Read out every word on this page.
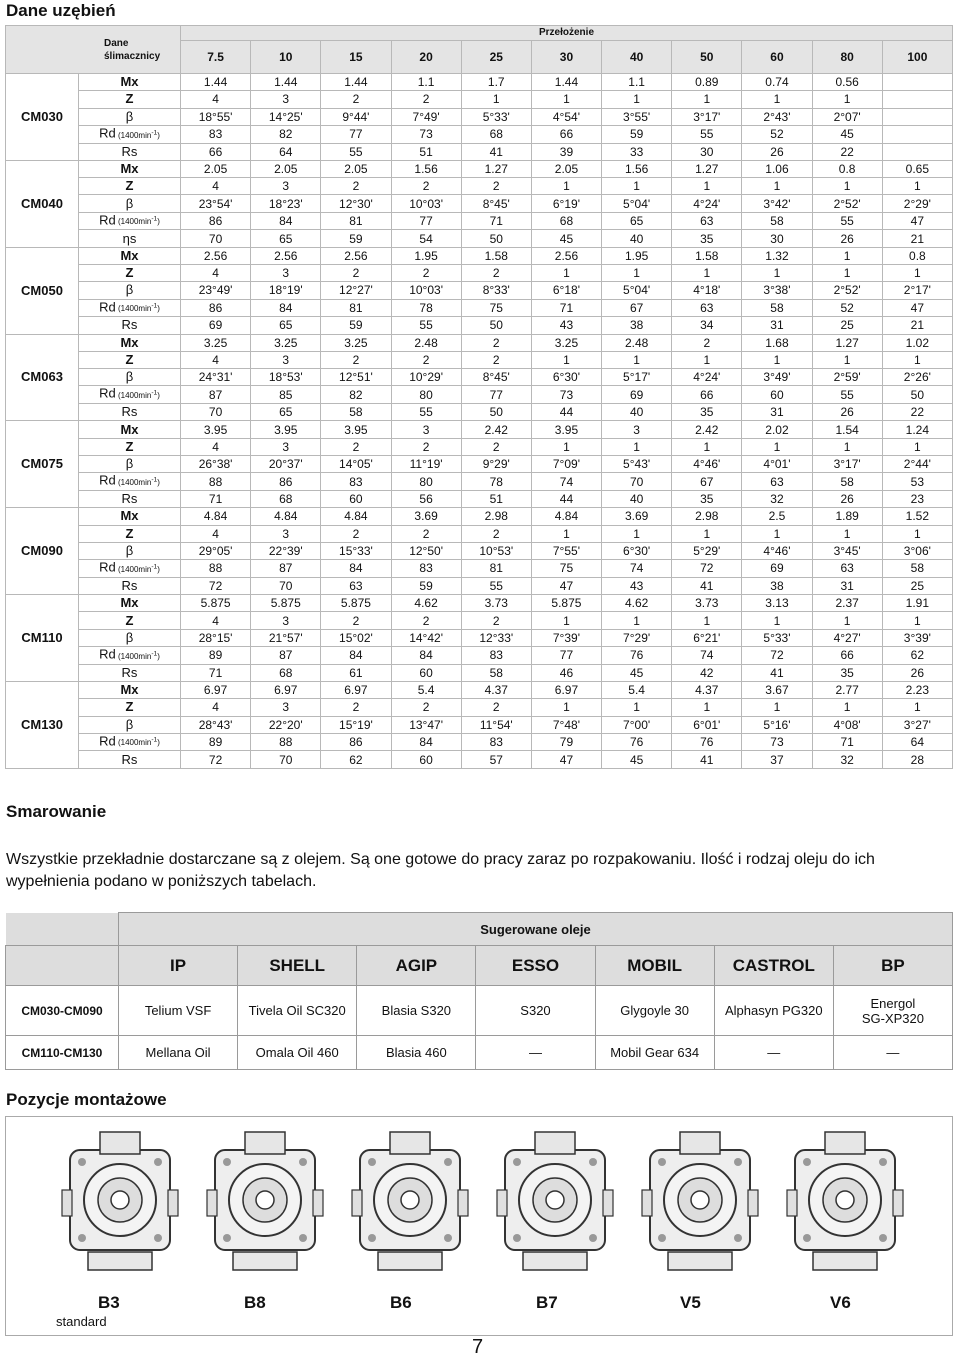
Dane uzębień
Dane
ślimacznicy		Przełożenie										
		7.5	10	15	20	25	30	40	50	60	80	100
CM030	Mx	1.44	1.44	1.44	1.1	1.7	1.44	1.1	0.89	0.74	0.56	
	Z	4	3	2	2	1	1	1	1	1	1	
	β	18°55'	14°25'	9°44'	7°49'	5°33'	4°54'	3°55'	3°17'	2°43'	2°07'	
	Rd $(1400\min^{-1})$	83	82	77	73	68	66	59	55	52	45	
	Rs	66	64	55	51	41	39	33	30	26	22	
CM040	Mx	2.05	2.05	2.05	1.56	1.27	2.05	1.56	1.27	1.06	0.8	0.65
	Z	4	3	2	2	2	1	1	1	1	1	1
	β	23°54'	18°23'	12°30'	10°03'	8°45'	6°19'	5°04'	4°24'	3°42'	2°52'	2°29'
	Rd $(1400\min^{-1})$	86	84	81	77	71	68	65	63	58	55	47
	ηs	70	65	59	54	50	45	40	35	30	26	21
CM050	Mx	2.56	2.56	2.56	1.95	1.58	2.56	1.95	1.58	1.32	1	0.8
	Z	4	3	2	2	2	1	1	1	1	1	1
	β	23°49'	18°19'	12°27'	10°03'	8°33'	6°18'	5°04'	4°18'	3°38'	2°52'	2°17'
	Rd $(1400\min^{-1})$	86	84	81	78	75	71	67	63	58	52	47
	Rs	69	65	59	55	50	43	38	34	31	25	21
CM063	Mx	3.25	3.25	3.25	2.48	2	3.25	2.48	2	1.68	1.27	1.02
	Z	4	3	2	2	2	1	1	1	1	1	1
	β	24°31'	18°53'	12°51'	10°29'	8°45'	6°30'	5°17'	4°24'	3°49'	2°59'	2°26'
	Rd $(1400\min^{-1})$	87	85	82	80	77	73	69	66	60	55	50
	Rs	70	65	58	55	50	44	40	35	31	26	22
CM075	Mx	3.95	3.95	3.95	3	2.42	3.95	3	2.42	2.02	1.54	1.24
	Z	4	3	2	2	2	1	1	1	1	1	1
	β	26°38'	20°37'	14°05'	11°19'	9°29'	7°09'	5°43'	4°46'	4°01'	3°17'	2°44'
	Rd $(1400\min^{-1})$	88	86	83	80	78	74	70	67	63	58	53
	Rs	71	68	60	56	51	44	40	35	32	26	23
CM090	Mx	4.84	4.84	4.84	3.69	2.98	4.84	3.69	2.98	2.5	1.89	1.52
	Z	4	3	2	2	2	1	1	1	1	1	1
	β	29°05'	22°39'	15°33'	12°50'	10°53'	7°55'	6°30'	5°29'	4°46'	3°45'	3°06'
	Rd $(1400\min^{-1})$	88	87	84	83	81	75	74	72	69	63	58
	Rs	72	70	63	59	55	47	43	41	38	31	25
CM110	Mx	5.875	5.875	5.875	4.62	3.73	5.875	4.62	3.73	3.13	2.37	1.91
	Z	4	3	2	2	2	1	1	1	1	1	1
	β	28°15'	21°57'	15°02'	14°42'	12°33'	7°39'	7°29'	6°21'	5°33'	4°27'	3°39'
	Rd $(1400\min^{-1})$	89	87	84	84	83	77	76	74	72	66	62
	Rs	71	68	61	60	58	46	45	42	41	35	26
CM130	Mx	6.97	6.97	6.97	5.4	4.37	6.97	5.4	4.37	3.67	2.77	2.23
	Z	4	3	2	2	2	1	1	1	1	1	1
	β	28°43'	22°20'	15°19'	13°47'	11°54'	7°48'	7°00'	6°01'	5°16'	4°08'	3°27'
	Rd $(1400\min^{-1})$	89	88	86	84	83	79	76	76	73	71	64
	Rs	72	70	62	60	57	47	45	41	37	32	28
Smarowanie
Wszystkie przekładnie dostarczane są z olejem. Są one gotowe do pracy zaraz po rozpakowaniu. Ilość i rodzaj oleju do ich wypełnienia podano w poniższych tabelach.
	Sugerowane oleje						
	IP	SHELL	AGIP	ESSO	MOBIL	CASTROL	BP
CM030-CM090	Telium VSF	Tivela Oil SC320	Blasia S320	S320	Glygoyle 30	Alphasyn PG320	Energol SG-XP320
CM110-CM130	Mellana Oil	Omala Oil 460	Blasia 460	—	Mobil Gear 634	—	—
Pozycje montażowe
B3	B8	B6	B7	V5	V6
standard
7
